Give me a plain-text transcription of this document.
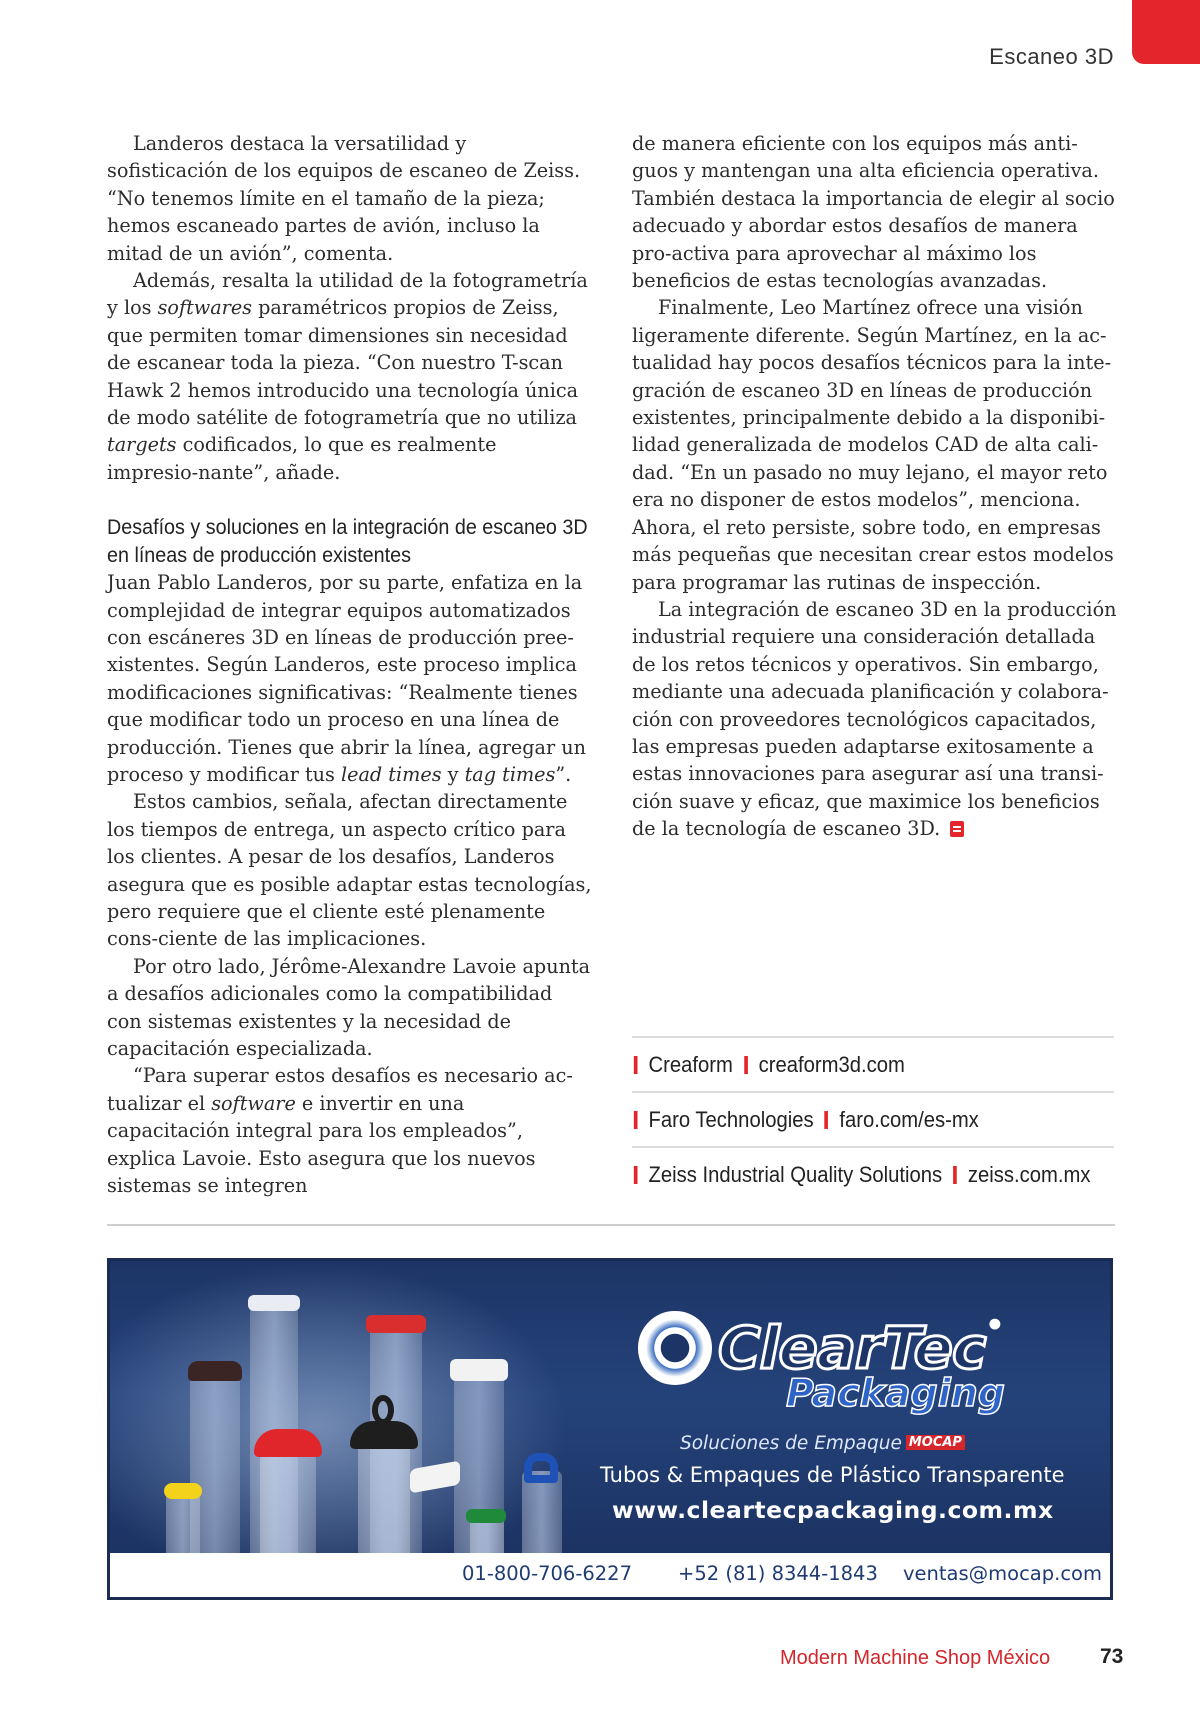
Escaneo 3D

Landeros destaca la versatilidad y sofisticación de los equipos de escaneo de Zeiss. “No tenemos límite en el tamaño de la pieza; hemos escaneado partes de avión, incluso la mitad de un avión”, comenta.

Además, resalta la utilidad de la fotogrametría y los softwares paramétricos propios de Zeiss, que permiten tomar dimensiones sin necesidad de escanear toda la pieza. “Con nuestro T-scan Hawk 2 hemos introducido una tecnología única de modo satélite de fotogrametría que no utiliza targets codificados, lo que es realmente impresio-nante”, añade.

Desafíos y soluciones en la integración de escaneo 3D en líneas de producción existentes

Juan Pablo Landeros, por su parte, enfatiza en la complejidad de integrar equipos automatizados con escáneres 3D en líneas de producción pree-xistentes. Según Landeros, este proceso implica modificaciones significativas: “Realmente tienes que modificar todo un proceso en una línea de producción. Tienes que abrir la línea, agregar un proceso y modificar tus lead times y tag times”.

Estos cambios, señala, afectan directamente los tiempos de entrega, un aspecto crítico para los clientes. A pesar de los desafíos, Landeros asegura que es posible adaptar estas tecnologías, pero requiere que el cliente esté plenamente cons-ciente de las implicaciones.

Por otro lado, Jérôme-Alexandre Lavoie apunta a desafíos adicionales como la compatibilidad con sistemas existentes y la necesidad de capacitación especializada.

“Para superar estos desafíos es necesario ac-tualizar el software e invertir en una capacitación integral para los empleados”, explica Lavoie. Esto asegura que los nuevos sistemas se integren

de manera eficiente con los equipos más anti-guos y mantengan una alta eficiencia operativa. También destaca la importancia de elegir al socio adecuado y abordar estos desafíos de manera pro-activa para aprovechar al máximo los beneficios de estas tecnologías avanzadas.

Finalmente, Leo Martínez ofrece una visión ligeramente diferente. Según Martínez, en la ac-tualidad hay pocos desafíos técnicos para la inte-gración de escaneo 3D en líneas de producción existentes, principalmente debido a la disponibi-lidad generalizada de modelos CAD de alta cali-dad. “En un pasado no muy lejano, el mayor reto era no disponer de estos modelos”, menciona. Ahora, el reto persiste, sobre todo, en empresas más pequeñas que necesitan crear estos modelos para programar las rutinas de inspección.

La integración de escaneo 3D en la producción industrial requiere una consideración detallada de los retos técnicos y operativos. Sin embargo, mediante una adecuada planificación y colabora-ción con proveedores tecnológicos capacitados, las empresas pueden adaptarse exitosamente a estas innovaciones para asegurar así una transi-ción suave y eficaz, que maximice los beneficios de la tecnología de escaneo 3D.

Creaform creaform3d.com
Faro Technologies faro.com/es-mx
Zeiss Industrial Quality Solutions zeiss.com.mx
ClearTec ®
Packaging
Soluciones de Empaque MOCAP
Tubos & Empaques de Plástico Transparente
www.cleartecpackaging.com.mx
01-800-706-6227 +52 (81) 8344-1843 ventas@mocap.com
Modern Machine Shop México 73
